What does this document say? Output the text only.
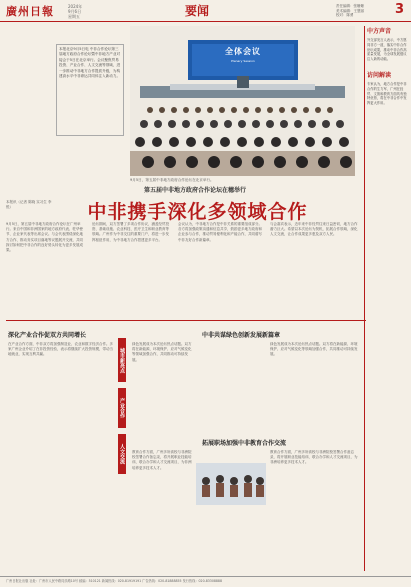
廣州日報	2024年
9月6日
星期五	要闻	责任编辑：张姗姗
美术编辑：王慧丽
校对：陈勇	3
本报北京9月5日电 中非合作论坛第三届地方政府合作论坛暨中非地方产业对接会于5日在北京举行。会议聚焦贸易投资、产业合作、人文交流等领域，进一步推动中非地方合作提质升级，为构建高水平中非命运共同体注入新动力。
全体会议
Plenary Session
9月5日，第五届中非地方政府合作论坛在北京举行。
第五届中非地方政府合作论坛在穗举行
中非携手深化多领域合作
本报讯（记者 陈晓 实习生 李悦）
9月5日，第五届中非地方政府合作论坛在广州举行。来自中国和非洲国家的地方政府代表、驻华使节、企业家代表等出席会议。与会代表围绕深化地方合作、推动务实项目落地等议题展开交流，共同探讨如何把中非合作的良好势头转化为更多发展成果。
论坛期间，双方签署了多项合作协议，涵盖经贸投资、基础设施、农业科技、医疗卫生和职业教育等领域。广州作为中非交往的重要门户，将进一步发挥枢纽作用，为中非地方合作搭建更多平台。
会议认为，中非地方合作是中非关系的重要组成部分。各方将加强政策沟通和信息共享，鼓励更多地方政府和企业参与合作，推动贸易便利化和产能合作，共同谱写中非友好合作新篇章。
与会嘉宾表示，近年来中非经贸往来日益密切，地方合作潜力巨大。希望以本次论坛为契机，拓展合作领域，深化人文交流，让合作成果更多惠及双方人民。
中方声音
外交部发言人表示，中方愿同非方一道，落实中非合作论坛成果，推动中非合作高质量发展，为全球发展倡议注入新的动能。
访问解读
专家认为，地方合作是中非合作的生力军，广州在经贸、文旅和教育方面具有独特优势，将在中非合作中发挥更大作用。
深化产业合作促双方共同增长	中非共谋绿色创新发展新篇章
拓展职场加强中非教育合作交流
城市新亮点
产业合作
人文交流
在产业合作方面，中非双方将加强制造业、农业和数字经济合作。多家广州企业介绍了在非投资经验，表示将继续扩大投资规模，带动当地就业，实现互利共赢。
绿色发展成为本次论坛热点话题。双方将在新能源、环境保护、应对气候变化等领域加强合作，共同推动可持续发展。
绿色发展成为本次论坛热点话题。双方将在新能源、环境保护、应对气候变化等领域加强合作，共同推动可持续发展。
教育合作方面，广州多所高校与非洲院校签署合作备忘录，将开展职业技能培训、联合办学和人才交流项目，为非洲培养更多技术人才。
教育合作方面，广州多所高校与非洲院校签署合作备忘录，将开展职业技能培训、联合办学和人才交流项目，为非洲培养更多技术人才。
广州日报社出版 社址：广州市人民中路同乐路10号 邮编：510121 新闻热线：020-81919191 广告热线：020-81888855 发行热线：020-83308888
